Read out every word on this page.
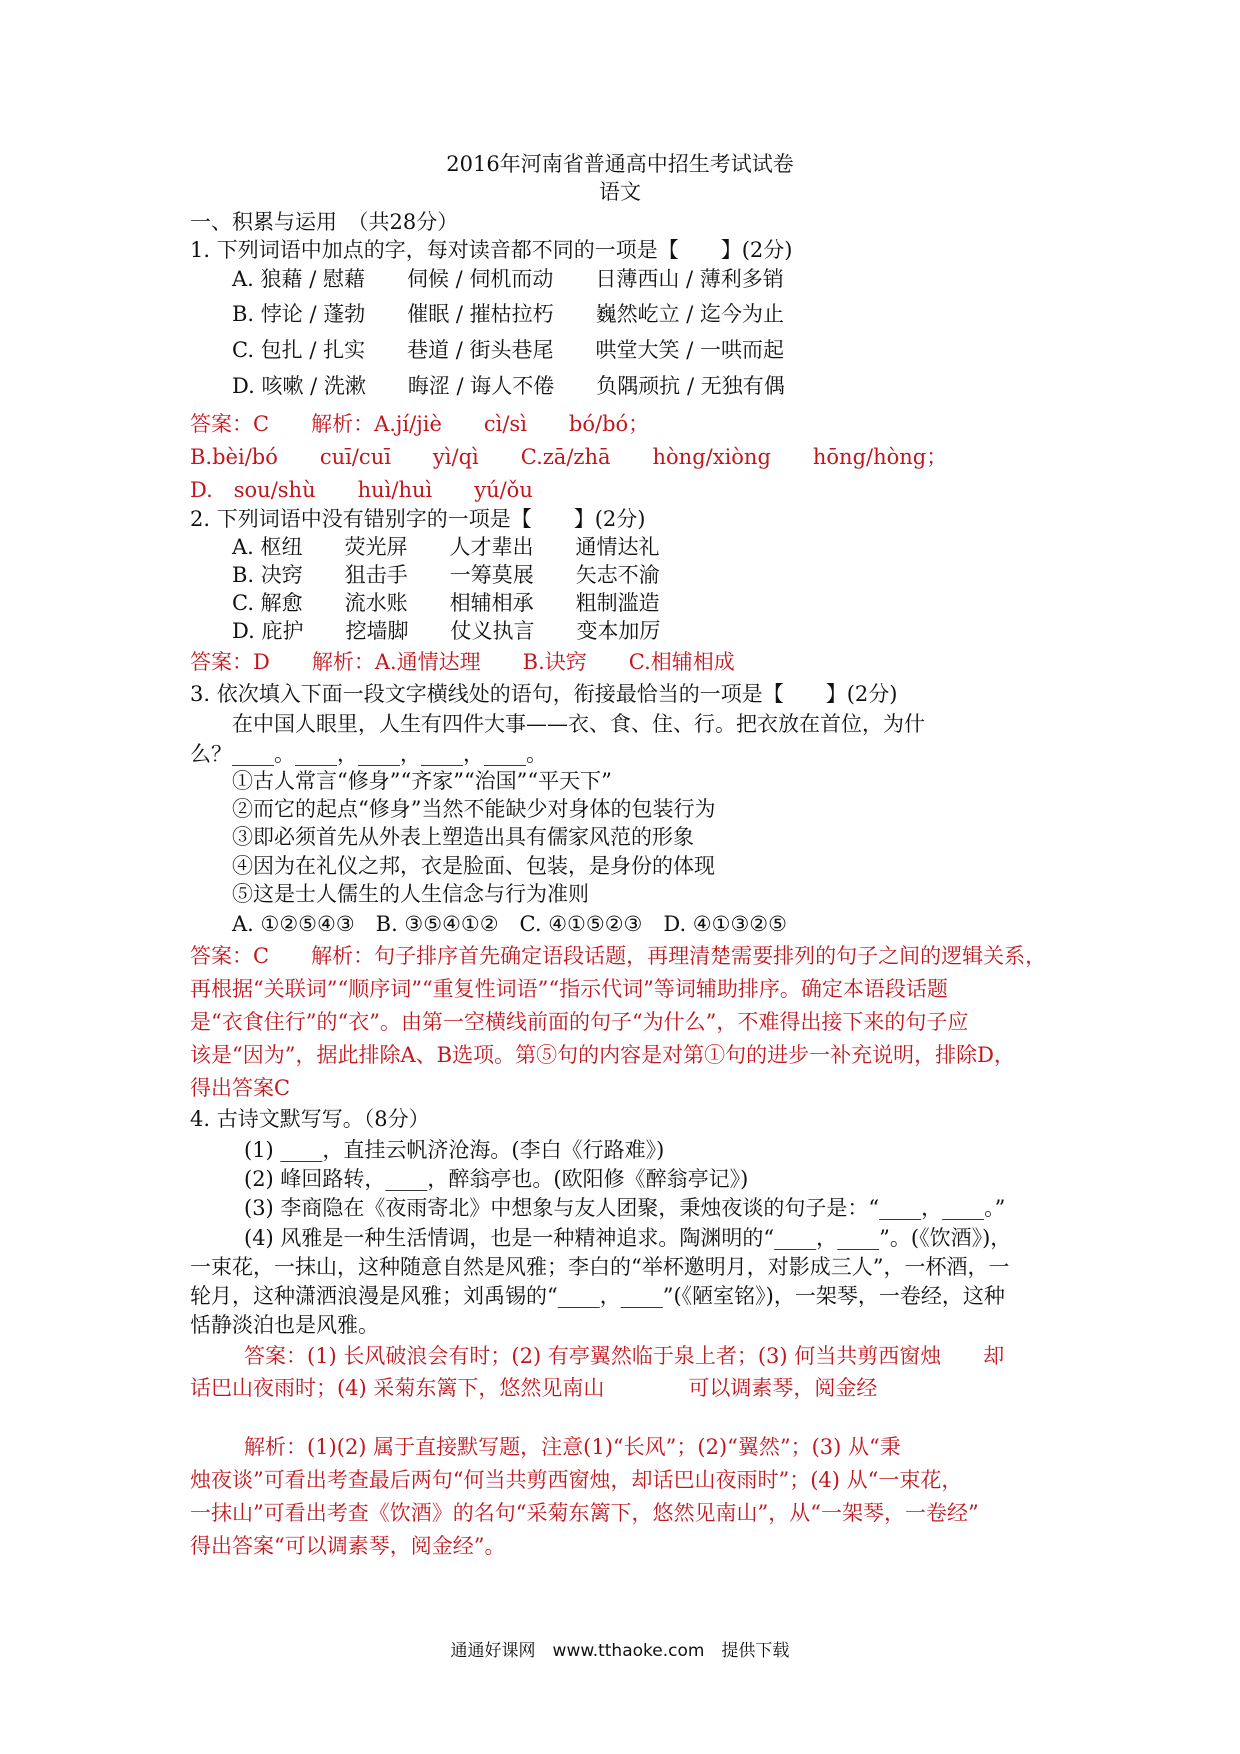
2016年河南省普通高中招生考试试卷
语文
一、积累与运用　（共28分）
1. 下列词语中加点的字，每对读音都不同的一项是【　　】(2分)
A. 狼藉 / 慰藉　　伺候 / 伺机而动　　日薄西山 / 薄利多销
B. 悖论 / 蓬勃　　催眠 / 摧枯拉朽　　巍然屹立 / 迄今为止
C. 包扎 / 扎实　　巷道 / 街头巷尾　　哄堂大笑 / 一哄而起
D. 咳嗽 / 洗漱　　晦涩 / 诲人不倦　　负隅顽抗 / 无独有偶
答案：C　　解析：A.jí/jiè　　cì/sì　　bó/bó；
B.bèi/bó　　cuī/cuī　　yì/qì　　C.zā/zhā　　hòng/xiòng　　hōng/hòng；
D.　sou/shù　　huì/huì　　yú/ǒu
2. 下列词语中没有错别字的一项是【　　】(2分)
A. 枢纽　　荧光屏　　人才辈出　　通情达礼
B. 决窍　　狙击手　　一筹莫展　　矢志不渝
C. 解愈　　流水账　　相辅相承　　粗制滥造
D. 庇护　　挖墙脚　　仗义执言　　变本加厉
答案：D　　解析：A.通情达理　　B.诀窍　　C.相辅相成
3. 依次填入下面一段文字横线处的语句，衔接最恰当的一项是【　　】(2分)
在中国人眼里，人生有四件大事——衣、食、住、行。把衣放在首位，为什
么？____。____，____，____，____。
①古人常言“修身”“齐家”“治国”“平天下”
②而它的起点“修身”当然不能缺少对身体的包装行为
③即必须首先从外表上塑造出具有儒家风范的形象
④因为在礼仪之邦，衣是脸面、包装，是身份的体现
⑤这是士人儒生的人生信念与行为准则
A. ①②⑤④③　B. ③⑤④①②　C. ④①⑤②③　D. ④①③②⑤
答案：C　　解析：句子排序首先确定语段话题，再理清楚需要排列的句子之间的逻辑关系，
再根据“关联词”“顺序词”“重复性词语”“指示代词”等词辅助排序。确定本语段话题
是“衣食住行”的“衣”。由第一空横线前面的句子“为什么”，不难得出接下来的句子应
该是“因为”，据此排除A、B选项。第⑤句的内容是对第①句的进步一补充说明，排除D，
得出答案C
4. 古诗文默写写。（8分）
(1) ____，直挂云帆济沧海。(李白《行路难》)
(2) 峰回路转，____，醉翁亭也。(欧阳修《醉翁亭记》)
(3) 李商隐在《夜雨寄北》中想象与友人团聚，秉烛夜谈的句子是：“____，____。”
(4) 风雅是一种生活情调，也是一种精神追求。陶渊明的“____，____”。(《饮酒》)，
一束花，一抹山，这种随意自然是风雅；李白的“举杯邀明月，对影成三人”，一杯酒，一
轮月，这种潇洒浪漫是风雅；刘禹锡的“____，____”(《陋室铭》)，一架琴，一卷经，这种
恬静淡泊也是风雅。
答案：(1) 长风破浪会有时；(2) 有亭翼然临于泉上者；(3) 何当共剪西窗烛　　却
话巴山夜雨时；(4) 采菊东篱下，悠然见南山　　　　可以调素琴，阅金经
解析：(1)(2) 属于直接默写题，注意(1)“长风”；(2)“翼然”；(3) 从“秉
烛夜谈”可看出考查最后两句“何当共剪西窗烛，却话巴山夜雨时”；(4) 从“一束花，
一抹山”可看出考查《饮酒》的名句“采菊东篱下，悠然见南山”，从“一架琴，一卷经”
得出答案“可以调素琴，阅金经”。
通通好课网　www.tthaoke.com　提供下载
